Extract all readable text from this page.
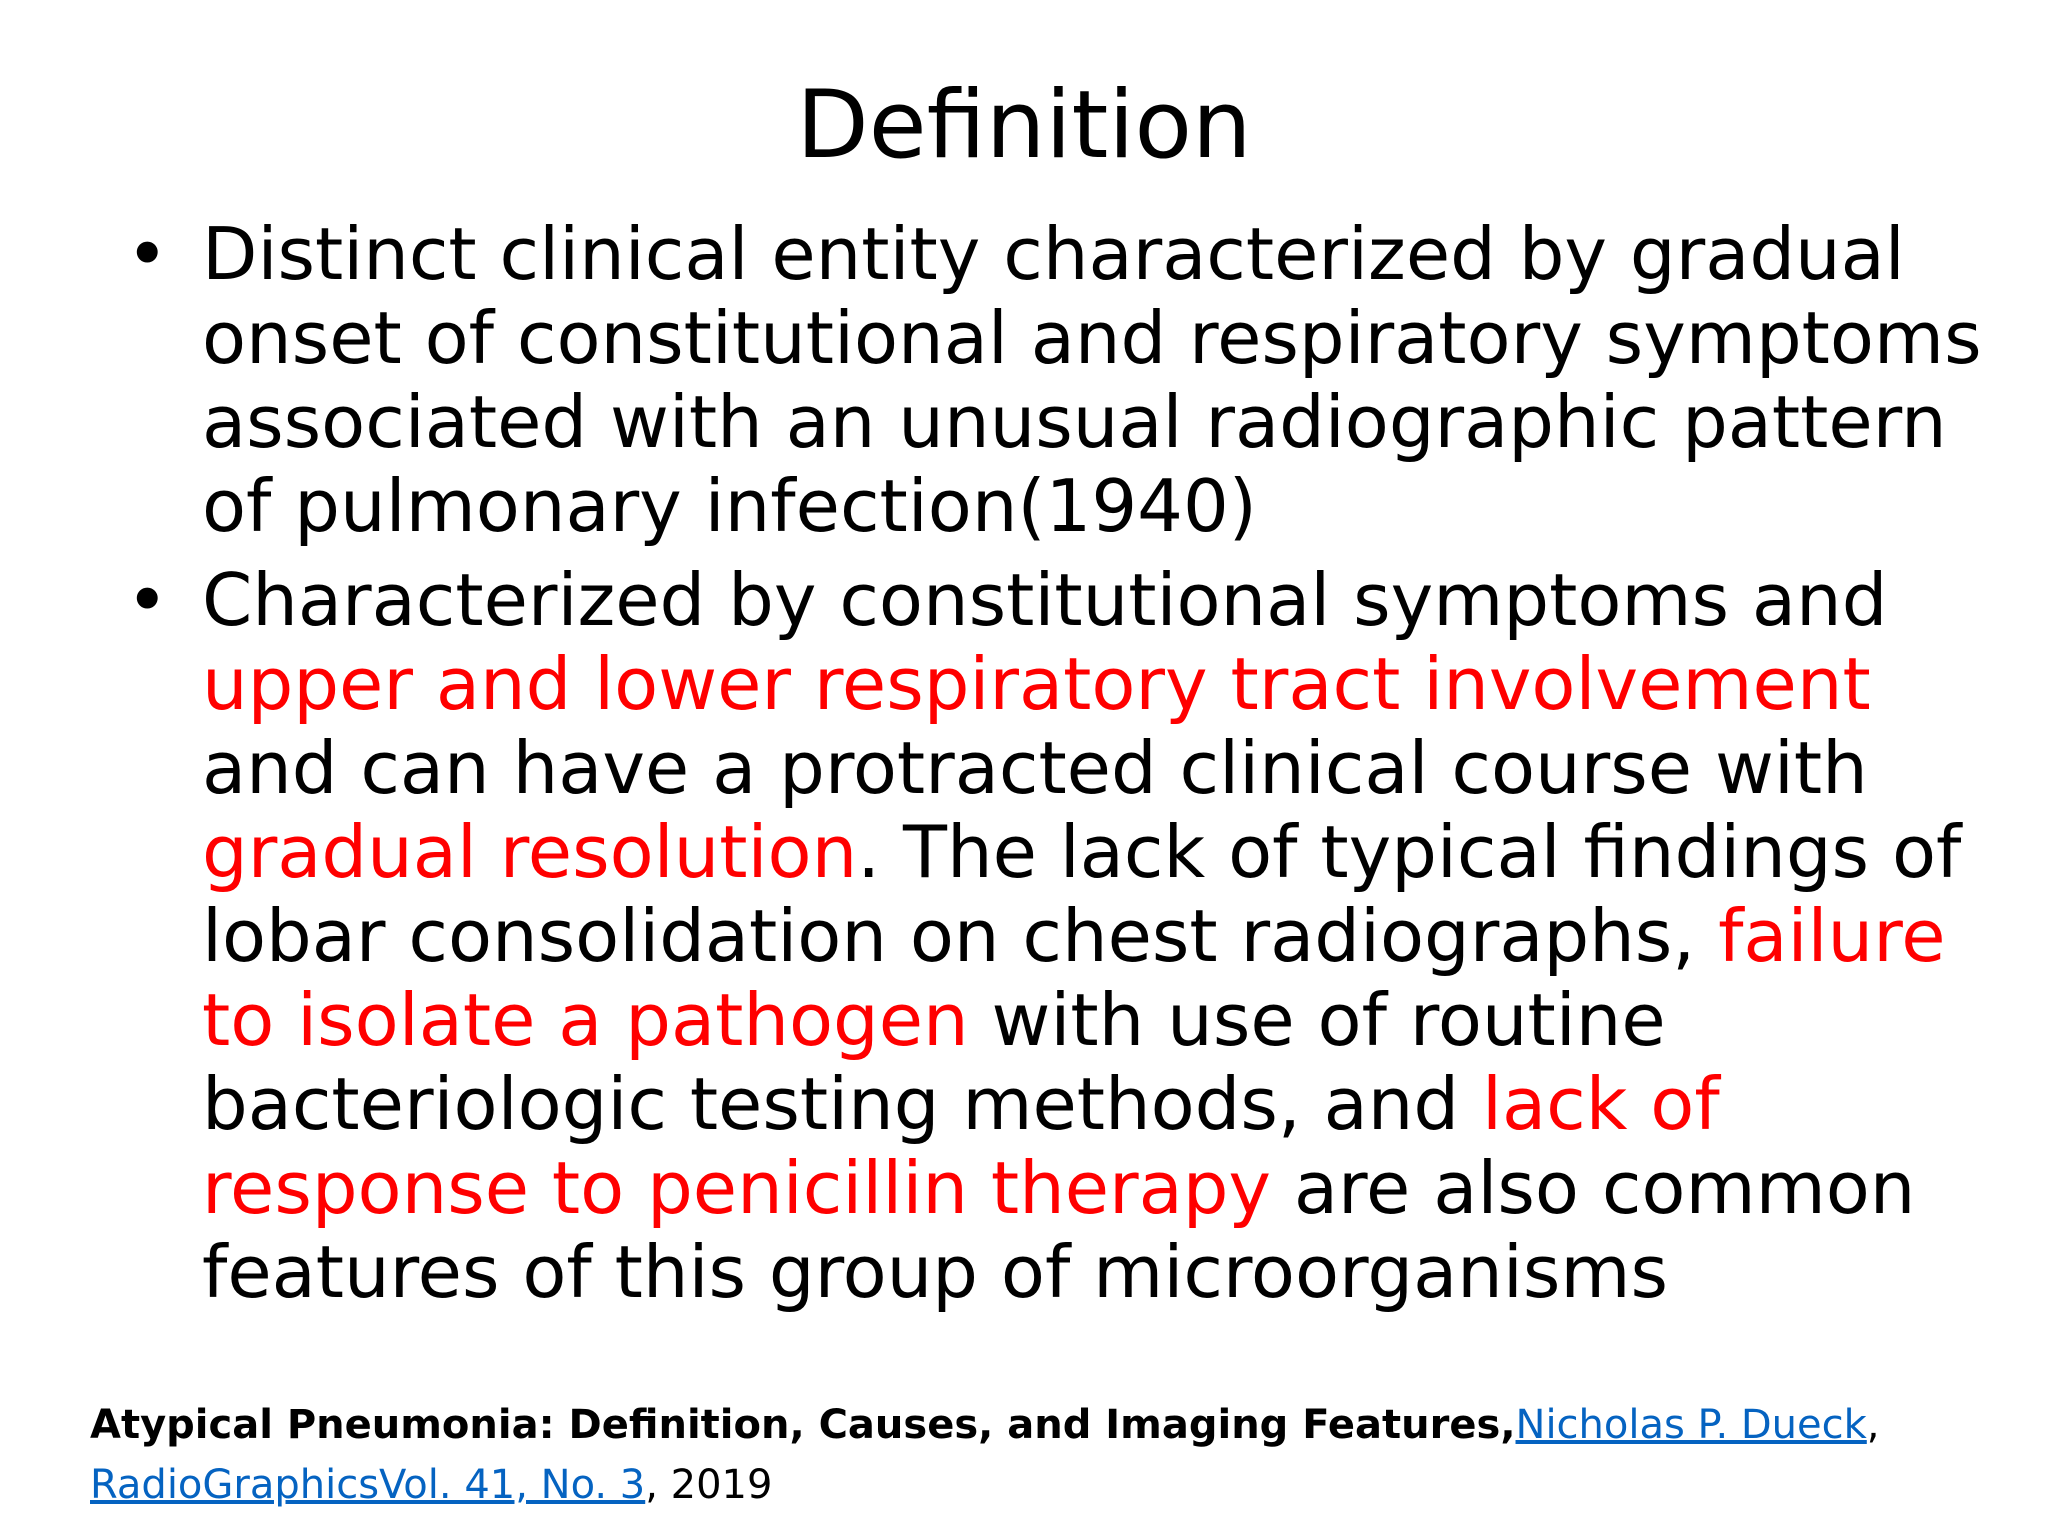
Definition
• Distinct clinical entity characterized by gradual
onset of constitutional and respiratory symptoms
associated with an unusual radiographic pattern
of pulmonary infection(1940)
• Characterized by constitutional symptoms and
upper and lower respiratory tract involvement
and can have a protracted clinical course with
gradual resolution. The lack of typical findings of
lobar consolidation on chest radiographs, failure
to isolate a pathogen with use of routine
bacteriologic testing methods, and lack of
response to penicillin therapy are also common
features of this group of microorganisms
Atypical Pneumonia: Definition, Causes, and Imaging Features,Nicholas P. Dueck,
RadioGraphicsVol. 41, No. 3, 2019
